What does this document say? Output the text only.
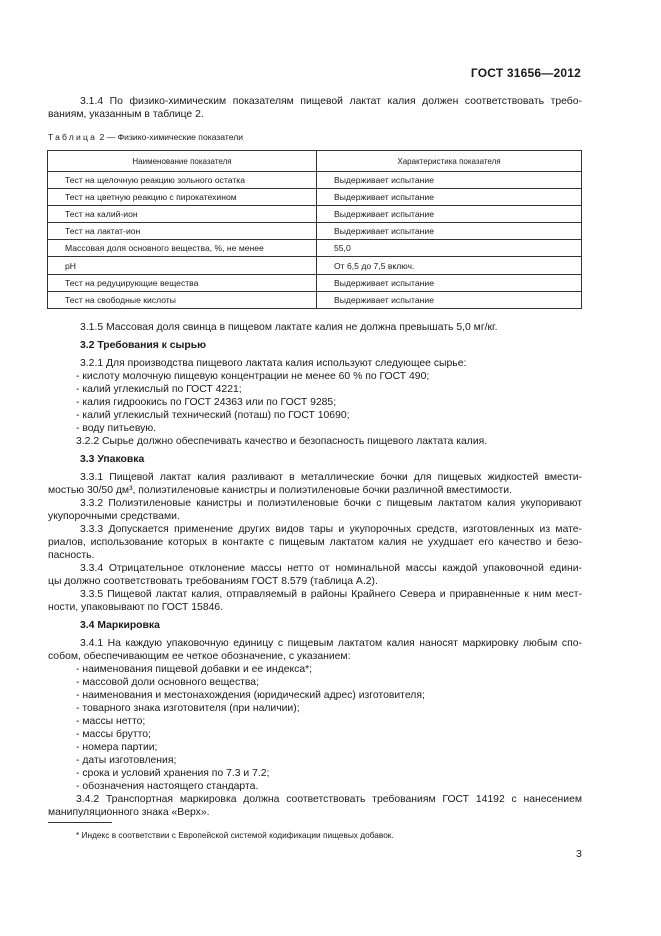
ГОСТ 31656—2012
3.1.4 По физико-химическим показателям пищевой лактат калия должен соответствовать требо-
ваниям, указанным в таблице 2.
Таблица 2 — Физико-химические показатели
Наименование показателя	Характеристика показателя
Тест на щелочную реакцию зольного остатка	Выдерживает испытание
Тест на цветную реакцию с пирокатехином	Выдерживает испытание
Тест на калий-ион	Выдерживает испытание
Тест на лактат-ион	Выдерживает испытание
Массовая доля основного вещества, %, не менее	55,0
pH	От 6,5 до 7,5 включ.
Тест на редуцирующие вещества	Выдерживает испытание
Тест на свободные кислоты	Выдерживает испытание
3.1.5 Массовая доля свинца в пищевом лактате калия не должна превышать 5,0 мг/кг.
3.2 Требования к сырью
3.2.1 Для производства пищевого лактата калия используют следующее сырье:
- кислоту молочную пищевую концентрации не менее 60 % по ГОСТ 490;
- калий углекислый по ГОСТ 4221;
- калия гидроокись по ГОСТ 24363 или по ГОСТ 9285;
- калий углекислый технический (поташ) по ГОСТ 10690;
- воду питьевую.
3.2.2 Сырье должно обеспечивать качество и безопасность пищевого лактата калия.
3.3 Упаковка
3.3.1 Пищевой лактат калия разливают в металлические бочки для пищевых жидкостей вмести-
мостью 30/50 дм³, полиэтиленовые канистры и полиэтиленовые бочки различной вместимости.
3.3.2 Полиэтиленовые канистры и полиэтиленовые бочки с пищевым лактатом калия укупоривают
укупорочными средствами.
3.3.3 Допускается применение других видов тары и укупорочных средств, изготовленных из мате-
риалов, использование которых в контакте с пищевым лактатом калия не ухудшает его качество и безо-
пасность.
3.3.4 Отрицательное отклонение массы нетто от номинальной массы каждой упаковочной едини-
цы должно соответствовать требованиям ГОСТ 8.579 (таблица А.2).
3.3.5 Пищевой лактат калия, отправляемый в районы Крайнего Севера и приравненные к ним мест-
ности, упаковывают по ГОСТ 15846.
3.4 Маркировка
3.4.1 На каждую упаковочную единицу с пищевым лактатом калия наносят маркировку любым спо-
собом, обеспечивающим ее четкое обозначение, с указанием:
- наименования пищевой добавки и ее индекса*;
- массовой доли основного вещества;
- наименования и местонахождения (юридический адрес) изготовителя;
- товарного знака изготовителя (при наличии);
- массы нетто;
- массы брутто;
- номера партии;
- даты изготовления;
- срока и условий хранения по 7.3 и 7.2;
- обозначения настоящего стандарта.
3.4.2 Транспортная маркировка должна соответствовать требованиям ГОСТ 14192 с нанесением
манипуляционного знака «Верх».
* Индекс в соответствии с Европейской системой кодификации пищевых добавок.
3
